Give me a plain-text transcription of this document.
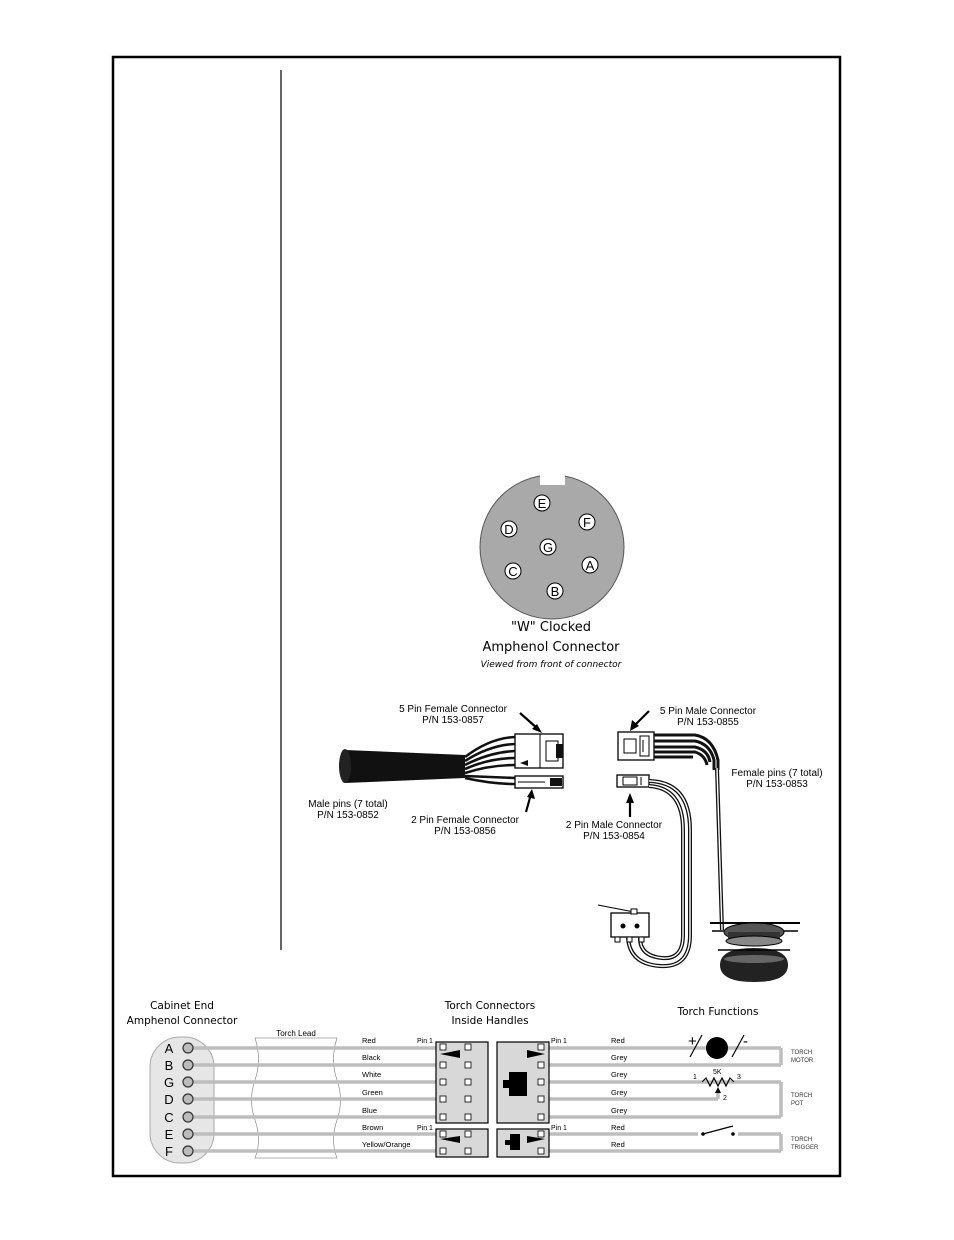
E
F
D
G
A
C
B
"W" Clocked
Amphenol Connector
Viewed from front of connector
5 Pin Female Connector
P/N 153-0857
5 Pin Male Connector
P/N 153-0855
Female pins (7 total)
P/N 153-0853
Male pins (7 total)
P/N 153-0852	2 Pin Female Connector
P/N 153-0856
2 Pin Male Connector
P/N 153-0854
Cabinet End
Amphenol Connector
Torch Connectors
Inside Handles
Torch Functions
Torch Lead
A
B
G
D
C
E
F
Red
Black
White
Green
Blue
Brown
Yellow/Orange
Pin 1
Pin 1
Pin 1
Pin 1
Red
Grey
Grey
Grey
Grey
Red
Red
+	-
1
5K
3
2
TORCH
MOTOR
TORCH
POT
TORCH
TRIGGER
